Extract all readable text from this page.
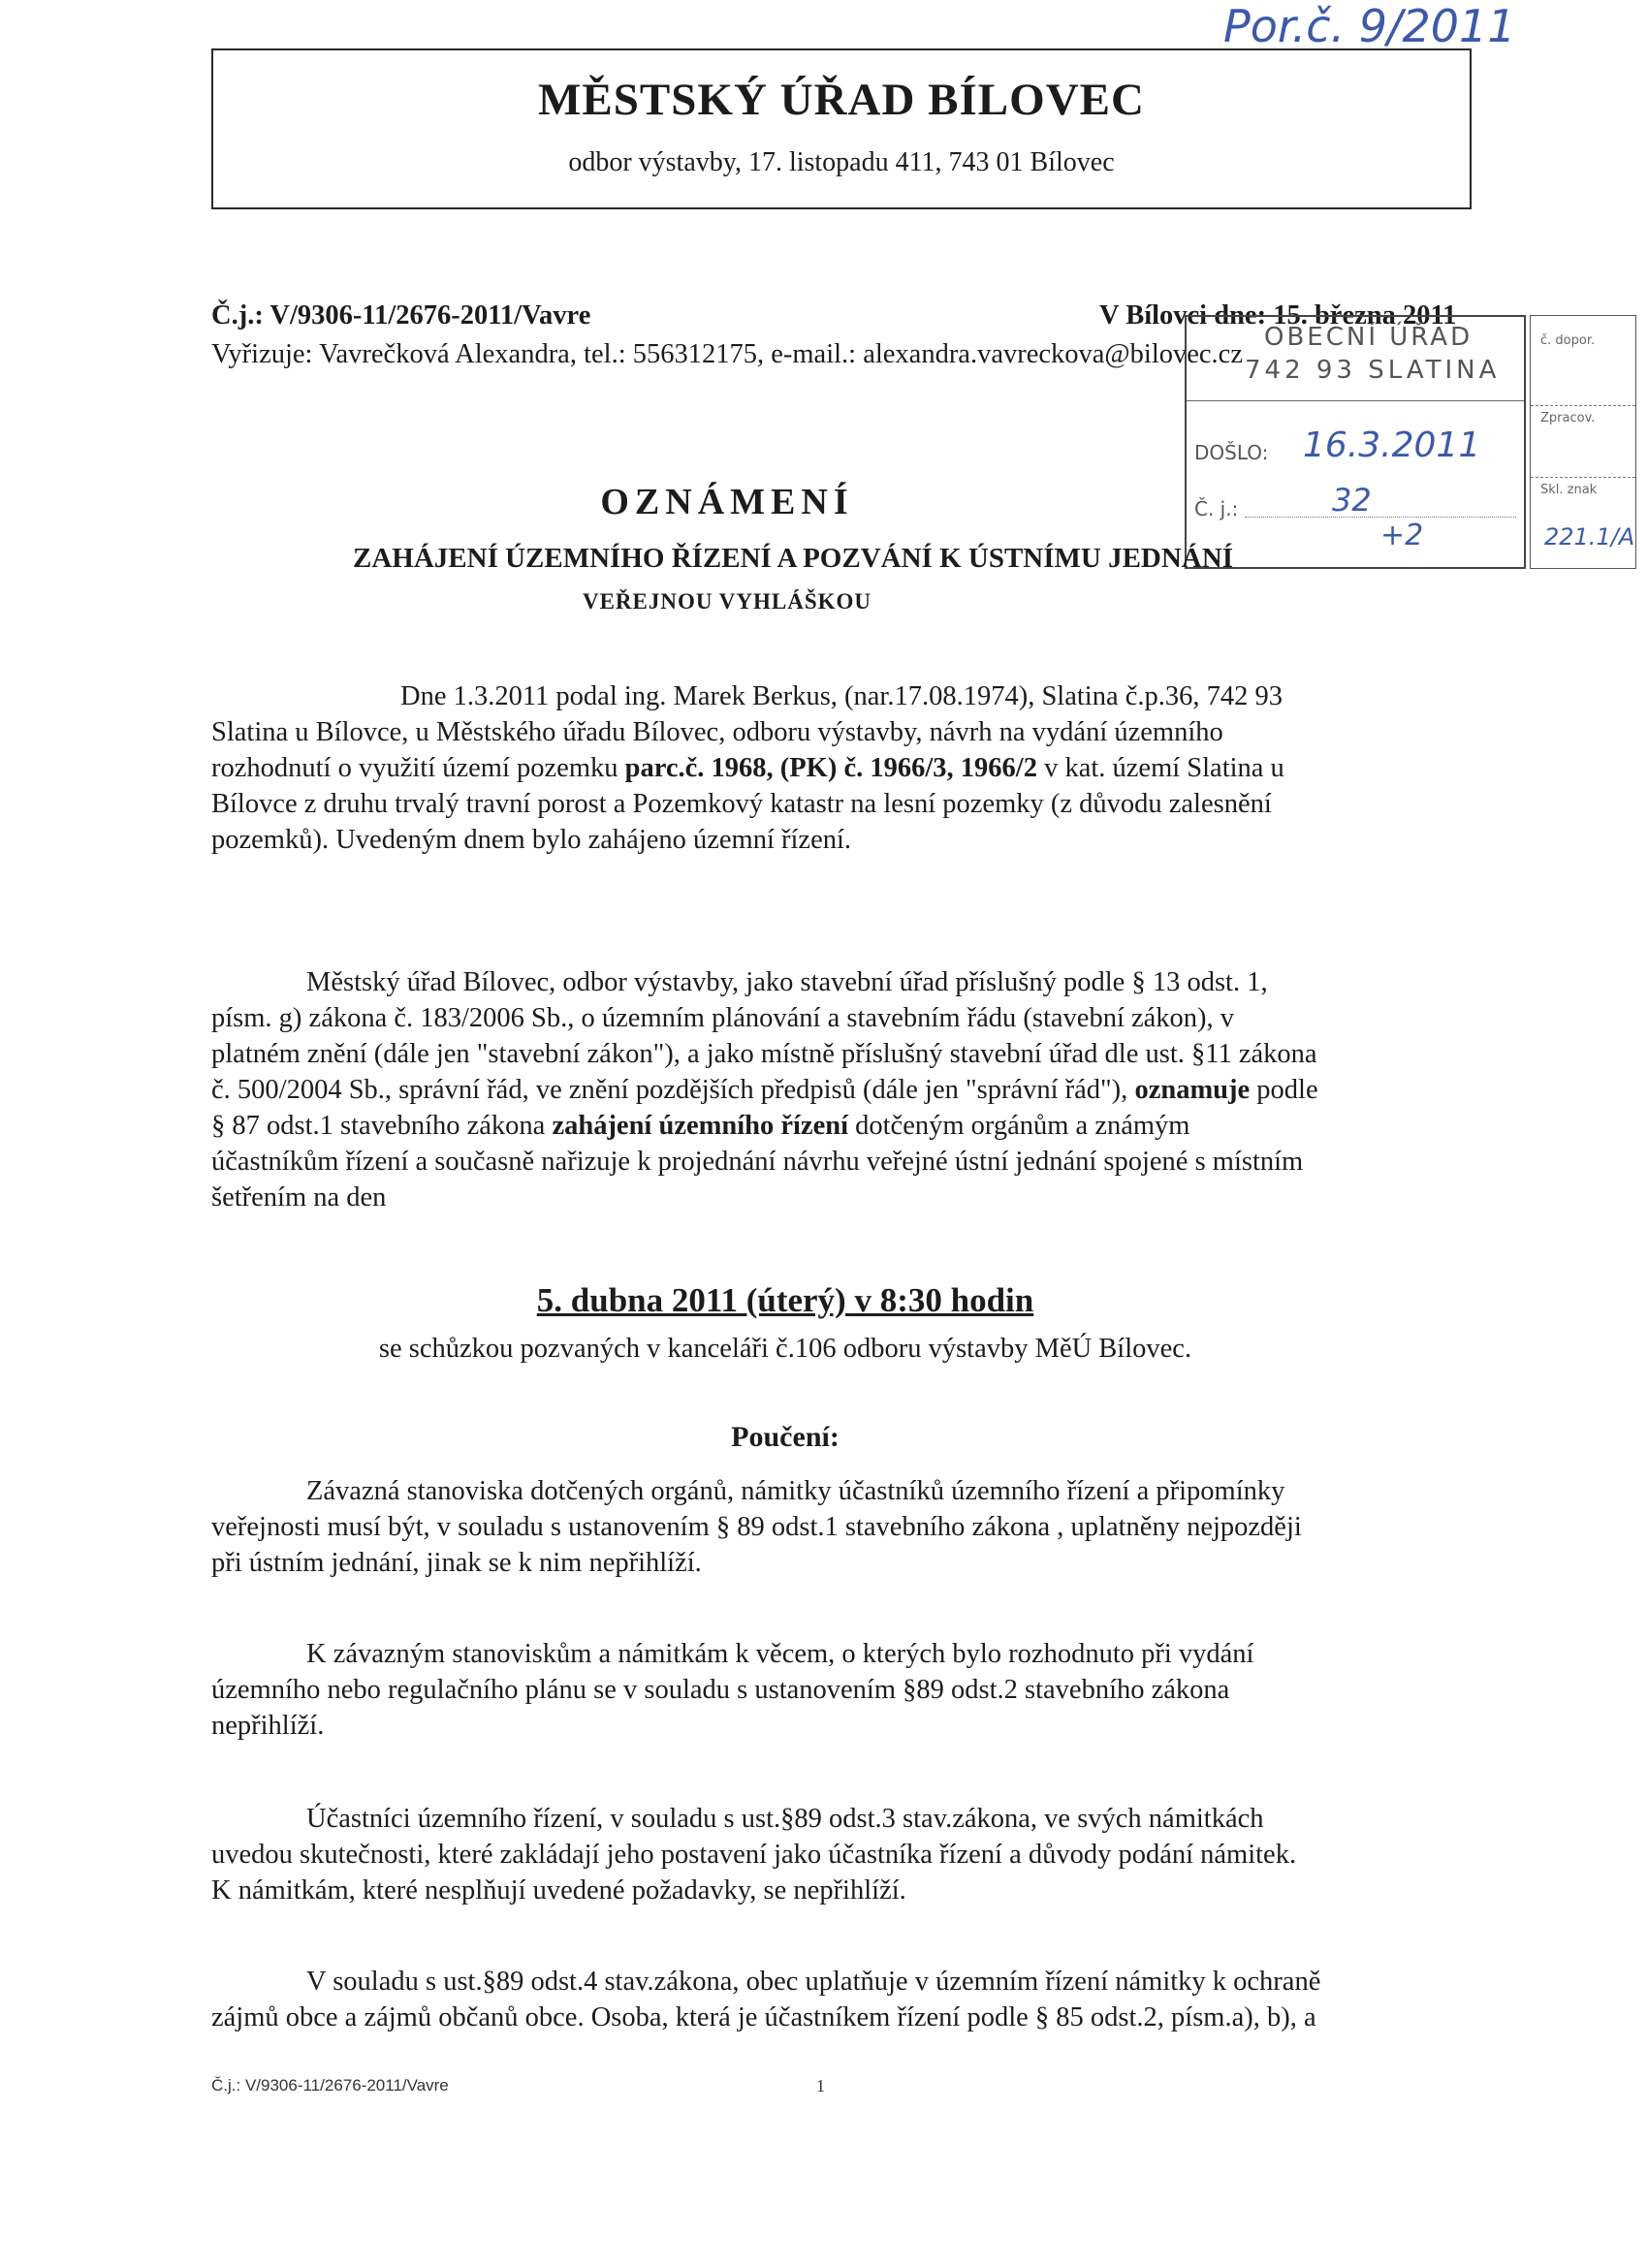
Por.č. 9/2011
MĚSTSKÝ ÚŘAD BÍLOVEC
odbor výstavby, 17. listopadu 411, 743 01 Bílovec
Č.j.: V/9306-11/2676-2011/Vavre	V Bílovci dne: 15. března 2011
Vyřizuje: Vavrečková Alexandra, tel.: 556312175, e-mail.: alexandra.vavreckova@bilovec.cz
OBECNÍ ÚŘAD
742 93 SLATINA
DOŠLO: 16.3.2011
Č. j.:	32
+2
č. dopor.
Zpracov.
Skl. znak
221.1/A
OZNÁMENÍ
ZAHÁJENÍ ÚZEMNÍHO ŘÍZENÍ A POZVÁNÍ K ÚSTNÍMU JEDNÁNÍ
VEŘEJNOU VYHLÁŠKOU

Dne 1.3.2011 podal ing. Marek Berkus, (nar.17.08.1974), Slatina č.p.36, 742 93

Slatina u Bílovce, u Městského úřadu Bílovec, odboru výstavby, návrh na vydání územního

rozhodnutí o využití území pozemku parc.č. 1968, (PK) č. 1966/3, 1966/2 v kat. území Slatina u

Bílovce z druhu trvalý travní porost a Pozemkový katastr na lesní pozemky (z důvodu zalesnění

pozemků). Uvedeným dnem bylo zahájeno územní řízení.

Městský úřad Bílovec, odbor výstavby, jako stavební úřad příslušný podle § 13 odst. 1,

písm. g) zákona č. 183/2006 Sb., o územním plánování a stavebním řádu (stavební zákon), v

platném znění (dále jen "stavební zákon"), a jako místně příslušný stavební úřad dle ust. §11 zákona

č. 500/2004 Sb., správní řád, ve znění pozdějších předpisů (dále jen "správní řád"), oznamuje podle

§ 87 odst.1 stavebního zákona zahájení územního řízení dotčeným orgánům a známým

účastníkům řízení a současně nařizuje k projednání návrhu veřejné ústní jednání spojené s místním

šetřením na den

5. dubna 2011 (úterý) v 8:30 hodin
se schůzkou pozvaných v kanceláři č.106 odboru výstavby MěÚ Bílovec.
Poučení:

Závazná stanoviska dotčených orgánů, námitky účastníků územního řízení a připomínky

veřejnosti musí být, v souladu s ustanovením § 89 odst.1 stavebního zákona , uplatněny nejpozději

při ústním jednání, jinak se k nim nepřihlíží.

K závazným stanoviskům a námitkám k věcem, o kterých bylo rozhodnuto při vydání

územního nebo regulačního plánu se v souladu s ustanovením §89 odst.2 stavebního zákona

nepřihlíží.

Účastníci územního řízení, v souladu s ust.§89 odst.3 stav.zákona, ve svých námitkách

uvedou skutečnosti, které zakládají jeho postavení jako účastníka řízení a důvody podání námitek.

K námitkám, které nesplňují uvedené požadavky, se nepřihlíží.

V souladu s ust.§89 odst.4 stav.zákona, obec uplatňuje v územním řízení námitky k ochraně

zájmů obce a zájmů občanů obce. Osoba, která je účastníkem řízení podle § 85 odst.2, písm.a), b), a

Č.j.: V/9306-11/2676-2011/Vavre	1
